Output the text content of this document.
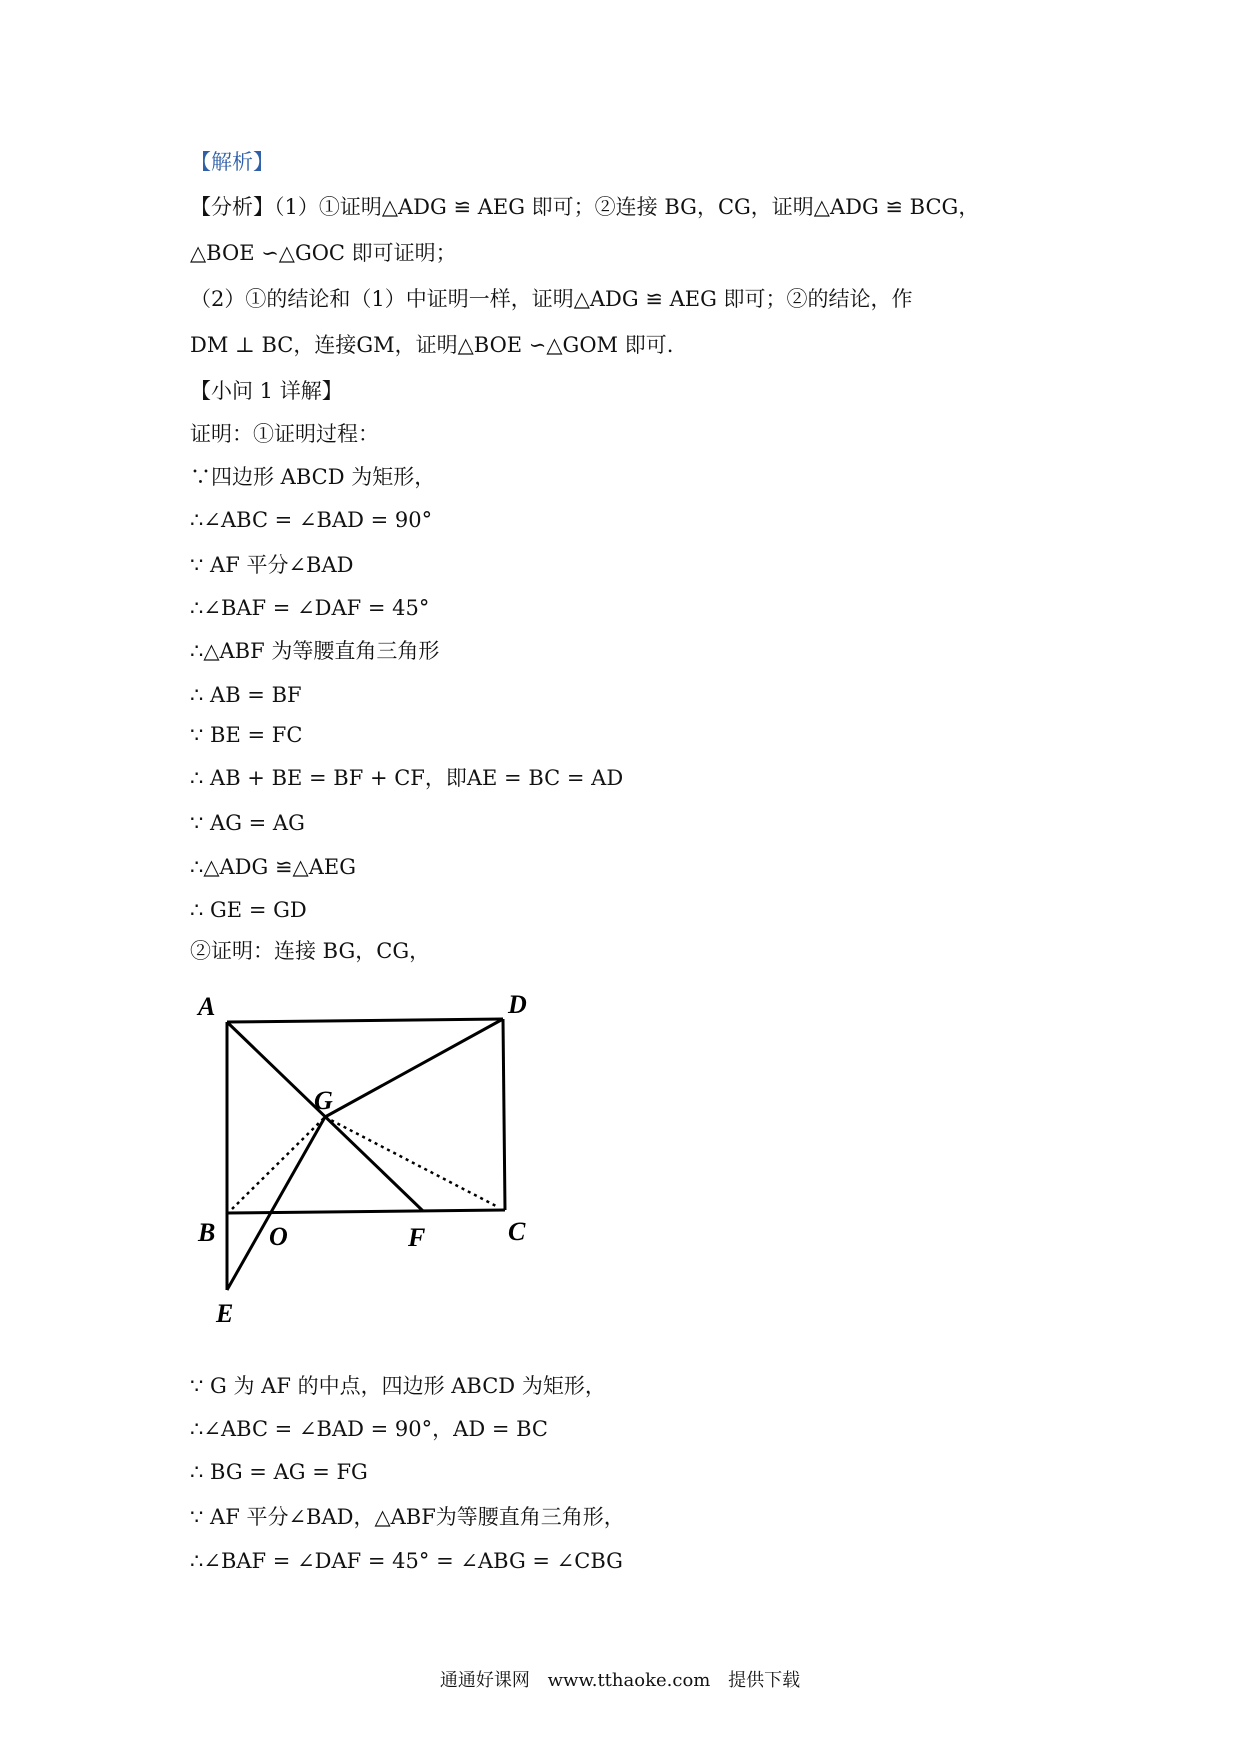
【解析】
【分析】（1）①证明△ADG ≌ AEG 即可；②连接 BG，CG，证明△ADG ≌ BCG，
△BOE ∽△GOC 即可证明；
（2）①的结论和（1）中证明一样，证明△ADG ≌ AEG 即可；②的结论，作
DM ⊥ BC，连接GM，证明△BOE ∽△GOM 即可.
【小问 1 详解】
证明：①证明过程：
∵四边形 ABCD 为矩形，
∴∠ABC = ∠BAD = 90°
∵ AF 平分∠BAD
∴∠BAF = ∠DAF = 45°
∴△ABF 为等腰直角三角形
∴ AB = BF
∵ BE = FC
∴ AB + BE = BF + CF，即AE = BC = AD
∵ AG = AG
∴△ADG ≌△AEG
∴ GE = GD
②证明：连接 BG，CG，
∵ G 为 AF 的中点，四边形 ABCD 为矩形，
∴∠ABC = ∠BAD = 90°，AD = BC
∴ BG = AG = FG
∵ AF 平分∠BAD，△ABF为等腰直角三角形，
∴∠BAF = ∠DAF = 45° = ∠ABG = ∠CBG
A	D
G
B O	F	C
E
通通好课网 www.tthaoke.com 提供下载
